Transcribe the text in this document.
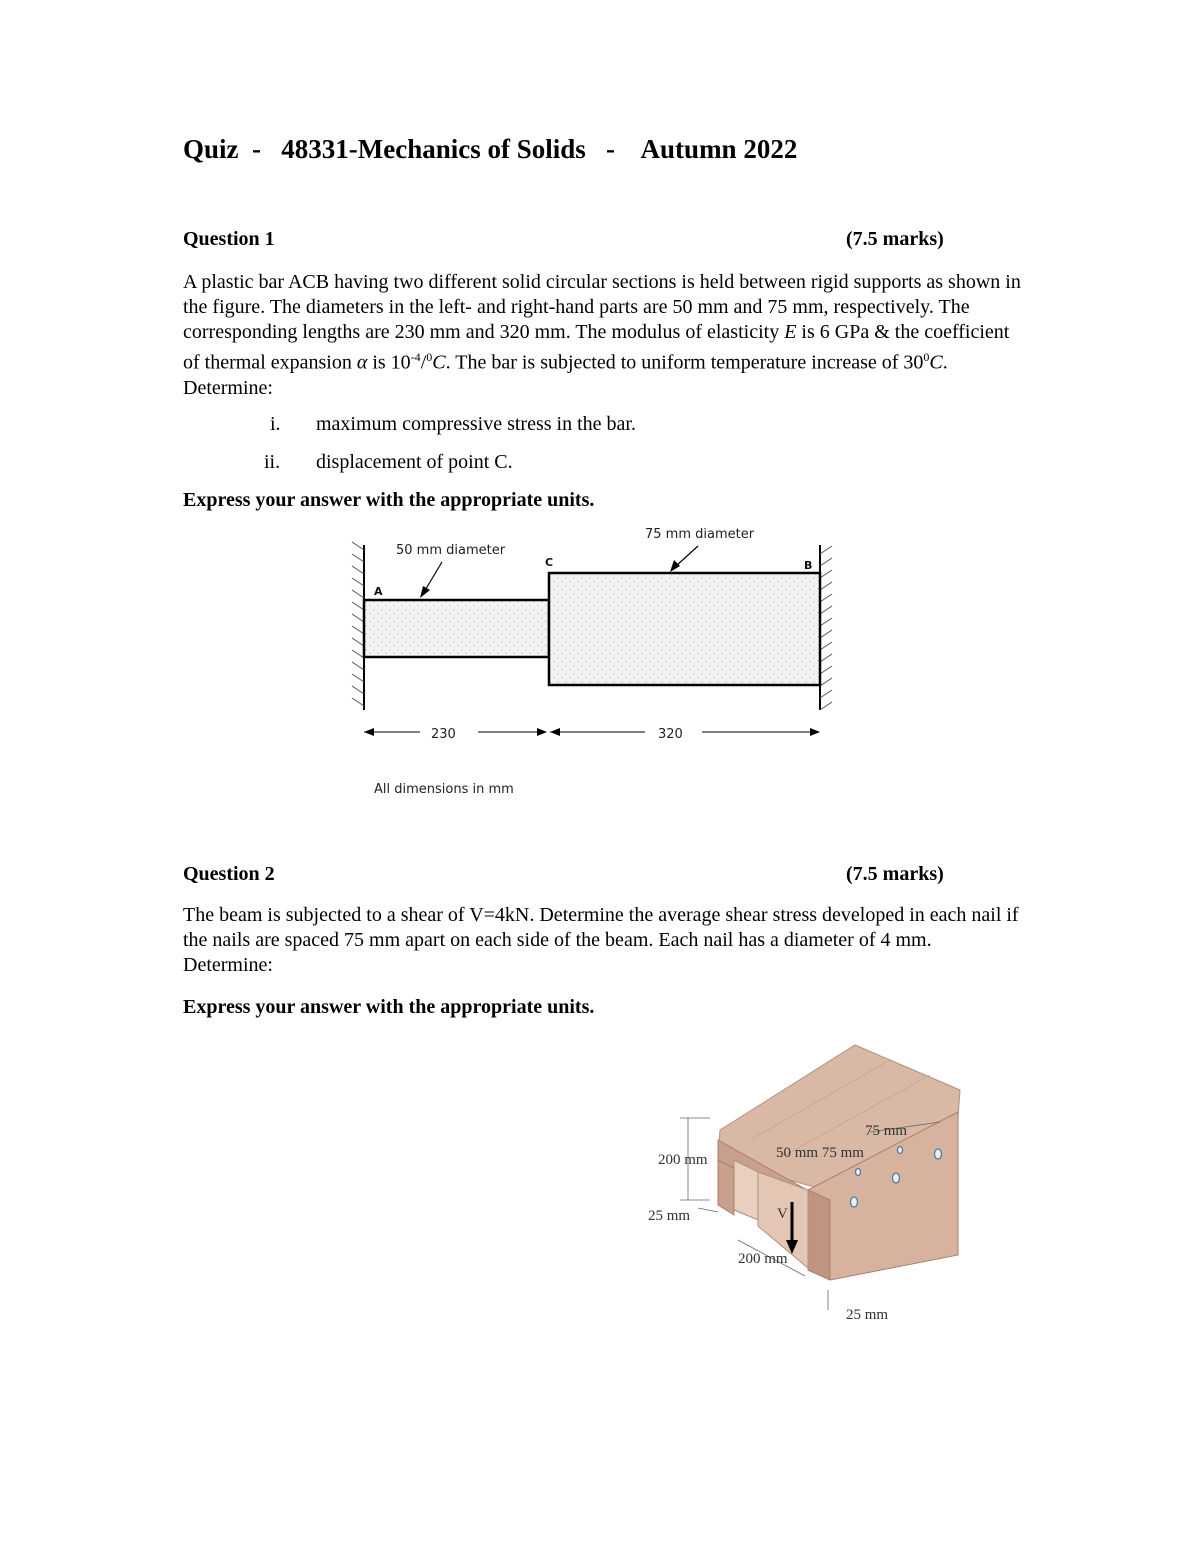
Quiz - 48331-Mechanics of Solids - Autumn 2022
Question 1	(7.5 marks)
A plastic bar ACB having two different solid circular sections is held between rigid supports as shown in the figure. The diameters in the left- and right-hand parts are 50 mm and 75 mm, respectively. The corresponding lengths are 230 mm and 320 mm. The modulus of elasticity E is 6 GPa & the coefficient of thermal expansion α is $10^{-4}/^0C$. The bar is subjected to uniform temperature increase of $30^0C$. Determine:
i. maximum compressive stress in the bar.
ii. displacement of point C.
Express your answer with the appropriate units.
50 mm diameter
75 mm diameter
A
C	B
230	320
All dimensions in mm
Question 2	(7.5 marks)
The beam is subjected to a shear of V=4kN. Determine the average shear stress developed in each nail if the nails are spaced 75 mm apart on each side of the beam. Each nail has a diameter of 4 mm. Determine:
Express your answer with the appropriate units.
V
75 mm
50 mm 75 mm
200 mm
25 mm
200 mm
25 mm
